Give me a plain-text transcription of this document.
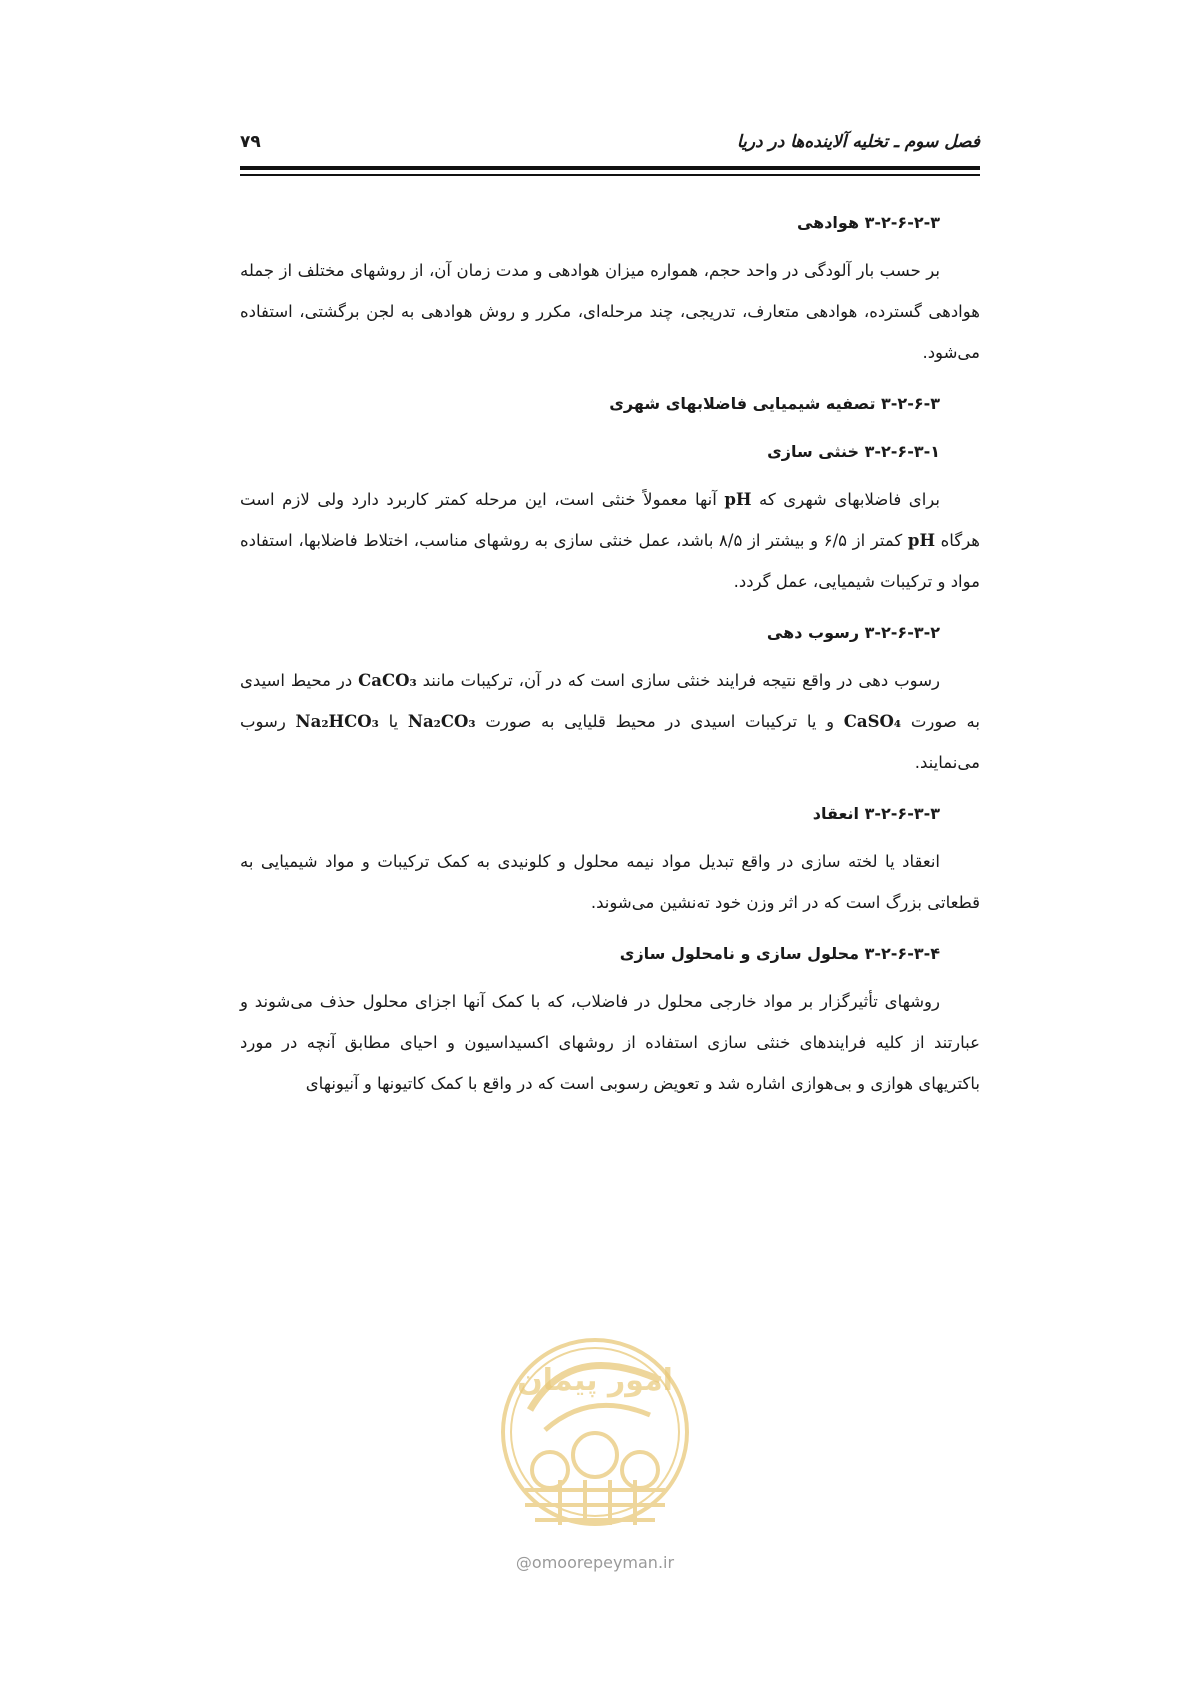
فصل سوم ـ تخلیه آلاینده‌ها در دریا
۷۹
۳-۲-۶-۲-۳ هوادهی

بر حسب بار آلودگی در واحد حجم، همواره میزان هوادهی و مدت زمان آن، از روشهای مختلف از جمله هوادهی گسترده، هوادهی متعارف، تدریجی، چند مرحله‌ای، مکرر و روش هوادهی به لجن برگشتی، استفاده می‌شود.

۳-۲-۶-۳ تصفیه شیمیایی فاضلابهای شهری
۳-۲-۶-۳-۱ خنثی سازی

برای فاضلابهای شهری که pH آنها معمولاً خنثی است، این مرحله کمتر کاربرد دارد ولی لازم است هرگاه pH کمتر از ۶/۵ و بیشتر از ۸/۵ باشد، عمل خنثی سازی به روشهای مناسب، اختلاط فاضلابها، استفاده مواد و ترکیبات شیمیایی، عمل گردد.

۳-۲-۶-۳-۲ رسوب دهی

رسوب دهی در واقع نتیجه فرایند خنثی سازی است که در آن، ترکیبات مانند CaCO₃ در محیط اسیدی به صورت CaSO₄ و یا ترکیبات اسیدی در محیط قلیایی به صورت Na₂CO₃ یا Na₂HCO₃ رسوب می‌نمایند.

۳-۲-۶-۳-۳ انعقاد

انعقاد یا لخته سازی در واقع تبدیل مواد نیمه محلول و کلونیدی به کمک ترکیبات و مواد شیمیایی به قطعاتی بزرگ است که در اثر وزن خود ته‌نشین می‌شوند.

۳-۲-۶-۳-۴ محلول سازی و نامحلول سازی

روشهای تأثیرگزار بر مواد خارجی محلول در فاضلاب، که با کمک آنها اجزای محلول حذف می‌شوند و عبارتند از کلیه فرایندهای خنثی سازی استفاده از روشهای اکسیداسیون و احیای مطابق آنچه در مورد باکتریهای هوازی و بی‌هوازی اشاره شد و تعویض رسوبی است که در واقع با کمک کاتیونها و آنیونهای

امور پیمان
@omoorepeyman.ir
